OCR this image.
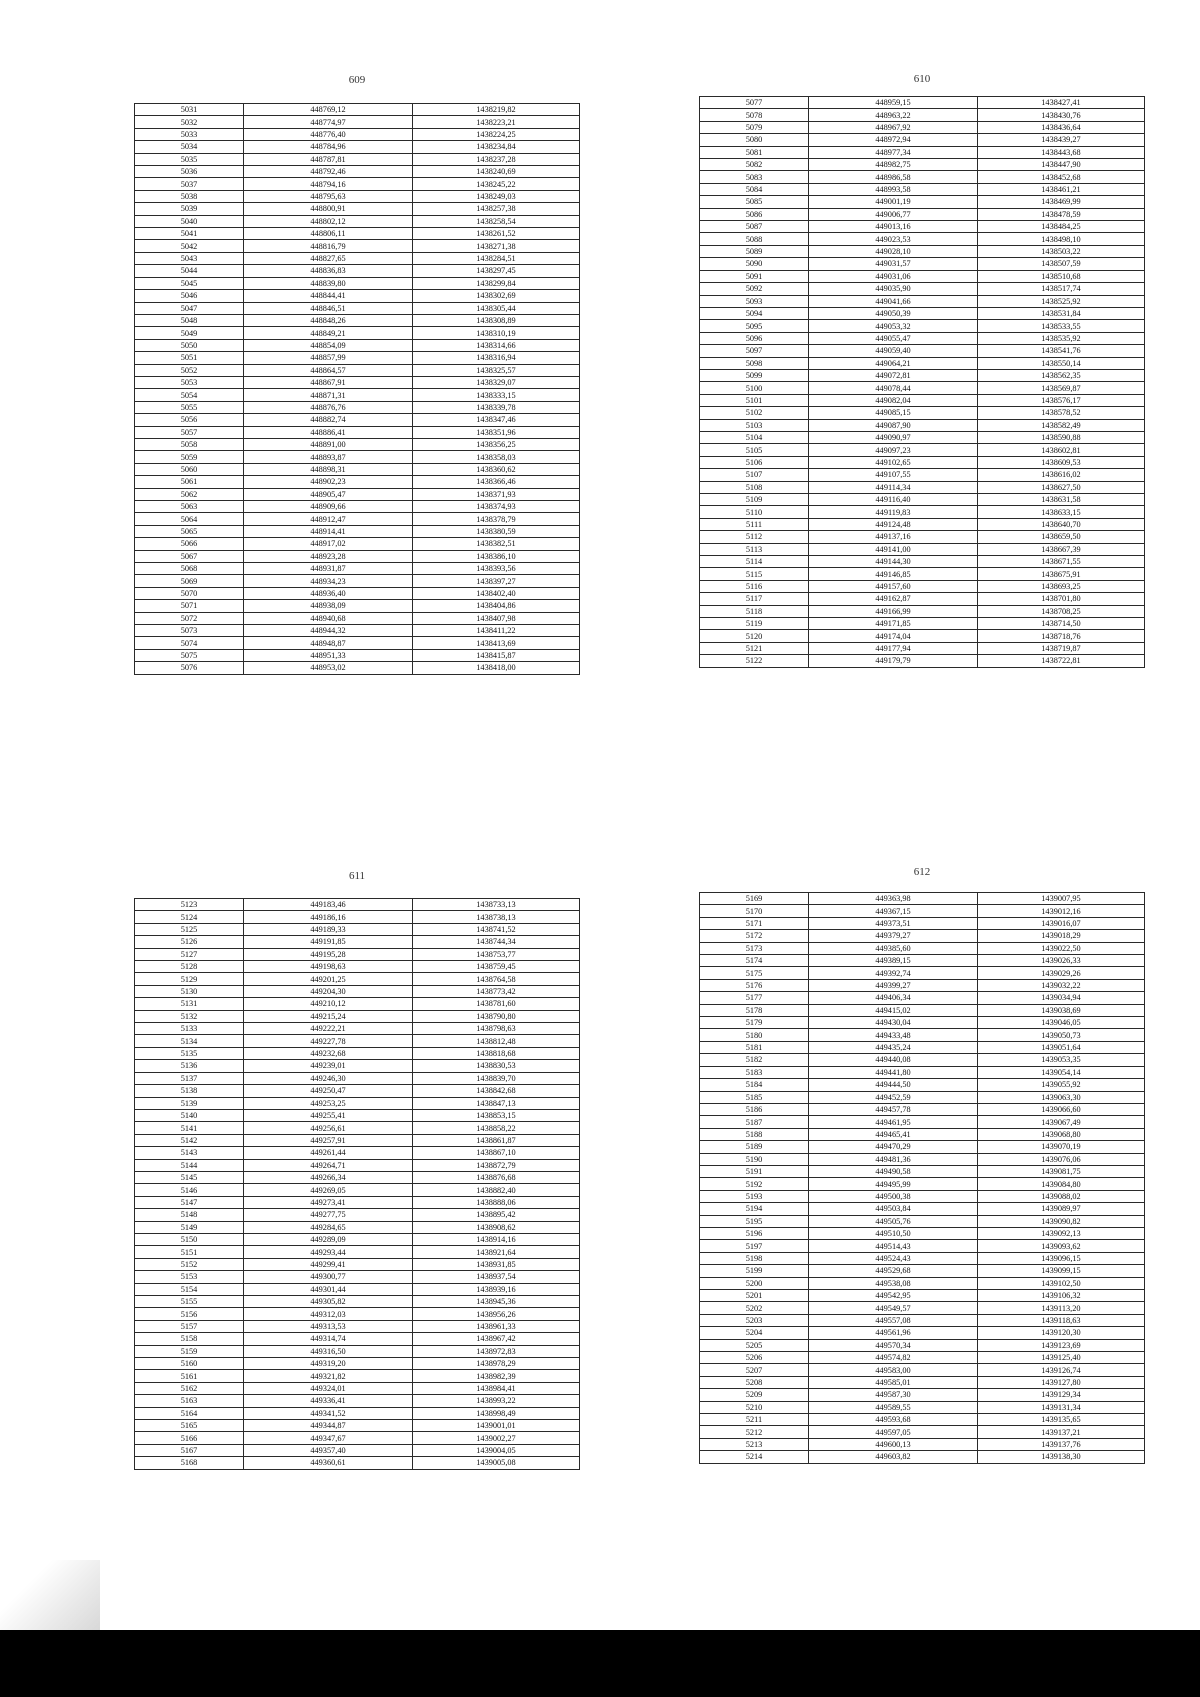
609
5031	448769,12	1438219,82
5032	448774,97	1438223,21
5033	448776,40	1438224,25
5034	448784,96	1438234,84
5035	448787,81	1438237,28
5036	448792,46	1438240,69
5037	448794,16	1438245,22
5038	448795,63	1438249,03
5039	448800,91	1438257,38
5040	448802,12	1438258,54
5041	448806,11	1438261,52
5042	448816,79	1438271,38
5043	448827,65	1438284,51
5044	448836,83	1438297,45
5045	448839,80	1438299,84
5046	448844,41	1438302,69
5047	448846,51	1438305,44
5048	448848,26	1438308,89
5049	448849,21	1438310,19
5050	448854,09	1438314,66
5051	448857,99	1438316,94
5052	448864,57	1438325,57
5053	448867,91	1438329,07
5054	448871,31	1438333,15
5055	448876,76	1438339,78
5056	448882,74	1438347,46
5057	448886,41	1438351,96
5058	448891,00	1438356,25
5059	448893,87	1438358,03
5060	448898,31	1438360,62
5061	448902,23	1438366,46
5062	448905,47	1438371,93
5063	448909,66	1438374,93
5064	448912,47	1438378,79
5065	448914,41	1438380,59
5066	448917,02	1438382,51
5067	448923,28	1438386,10
5068	448931,87	1438393,56
5069	448934,23	1438397,27
5070	448936,40	1438402,40
5071	448938,09	1438404,86
5072	448940,68	1438407,98
5073	448944,32	1438411,22
5074	448948,87	1438413,69
5075	448951,33	1438415,87
5076	448953,02	1438418,00
610
5077	448959,15	1438427,41
5078	448963,22	1438430,76
5079	448967,92	1438436,64
5080	448972,94	1438439,27
5081	448977,34	1438443,68
5082	448982,75	1438447,90
5083	448986,58	1438452,68
5084	448993,58	1438461,21
5085	449001,19	1438469,99
5086	449006,77	1438478,59
5087	449013,16	1438484,25
5088	449023,53	1438498,10
5089	449028,10	1438503,22
5090	449031,57	1438507,59
5091	449031,06	1438510,68
5092	449035,90	1438517,74
5093	449041,66	1438525,92
5094	449050,39	1438531,84
5095	449053,32	1438533,55
5096	449055,47	1438535,92
5097	449059,40	1438541,76
5098	449064,21	1438550,14
5099	449072,81	1438562,35
5100	449078,44	1438569,87
5101	449082,04	1438576,17
5102	449085,15	1438578,52
5103	449087,90	1438582,49
5104	449090,97	1438590,88
5105	449097,23	1438602,81
5106	449102,65	1438609,53
5107	449107,55	1438616,02
5108	449114,34	1438627,50
5109	449116,40	1438631,58
5110	449119,83	1438633,15
5111	449124,48	1438640,70
5112	449137,16	1438659,50
5113	449141,00	1438667,39
5114	449144,30	1438671,55
5115	449146,85	1438675,91
5116	449157,60	1438693,25
5117	449162,87	1438701,80
5118	449166,99	1438708,25
5119	449171,85	1438714,50
5120	449174,04	1438718,76
5121	449177,94	1438719,87
5122	449179,79	1438722,81
611
5123	449183,46	1438733,13
5124	449186,16	1438738,13
5125	449189,33	1438741,52
5126	449191,85	1438744,34
5127	449195,28	1438753,77
5128	449198,63	1438759,45
5129	449201,25	1438764,58
5130	449204,30	1438773,42
5131	449210,12	1438781,60
5132	449215,24	1438790,80
5133	449222,21	1438798,63
5134	449227,78	1438812,48
5135	449232,68	1438818,68
5136	449239,01	1438830,53
5137	449246,30	1438839,70
5138	449250,47	1438842,68
5139	449253,25	1438847,13
5140	449255,41	1438853,15
5141	449256,61	1438858,22
5142	449257,91	1438861,87
5143	449261,44	1438867,10
5144	449264,71	1438872,79
5145	449266,34	1438876,68
5146	449269,05	1438882,40
5147	449273,41	1438888,06
5148	449277,75	1438895,42
5149	449284,65	1438908,62
5150	449289,09	1438914,16
5151	449293,44	1438921,64
5152	449299,41	1438931,85
5153	449300,77	1438937,54
5154	449301,44	1438939,16
5155	449305,82	1438945,36
5156	449312,03	1438956,26
5157	449313,53	1438961,33
5158	449314,74	1438967,42
5159	449316,50	1438972,83
5160	449319,20	1438978,29
5161	449321,82	1438982,39
5162	449324,01	1438984,41
5163	449336,41	1438993,22
5164	449341,52	1438998,49
5165	449344,87	1439001,01
5166	449347,67	1439002,27
5167	449357,40	1439004,05
5168	449360,61	1439005,08
612
5169	449363,98	1439007,95
5170	449367,15	1439012,16
5171	449373,51	1439016,07
5172	449379,27	1439018,29
5173	449385,60	1439022,50
5174	449389,15	1439026,33
5175	449392,74	1439029,26
5176	449399,27	1439032,22
5177	449406,34	1439034,94
5178	449415,02	1439038,69
5179	449430,04	1439046,05
5180	449433,48	1439050,73
5181	449435,24	1439051,64
5182	449440,08	1439053,35
5183	449441,80	1439054,14
5184	449444,50	1439055,92
5185	449452,59	1439063,30
5186	449457,78	1439066,60
5187	449461,95	1439067,49
5188	449465,41	1439068,80
5189	449470,29	1439070,19
5190	449481,36	1439076,06
5191	449490,58	1439081,75
5192	449495,99	1439084,80
5193	449500,38	1439088,02
5194	449503,84	1439089,97
5195	449505,76	1439090,82
5196	449510,50	1439092,13
5197	449514,43	1439093,62
5198	449524,43	1439096,15
5199	449529,68	1439099,15
5200	449538,08	1439102,50
5201	449542,95	1439106,32
5202	449549,57	1439113,20
5203	449557,08	1439118,63
5204	449561,96	1439120,30
5205	449570,34	1439123,69
5206	449574,82	1439125,40
5207	449583,00	1439126,74
5208	449585,01	1439127,80
5209	449587,30	1439129,34
5210	449589,55	1439131,34
5211	449593,68	1439135,65
5212	449597,05	1439137,21
5213	449600,13	1439137,76
5214	449603,82	1439138,30
